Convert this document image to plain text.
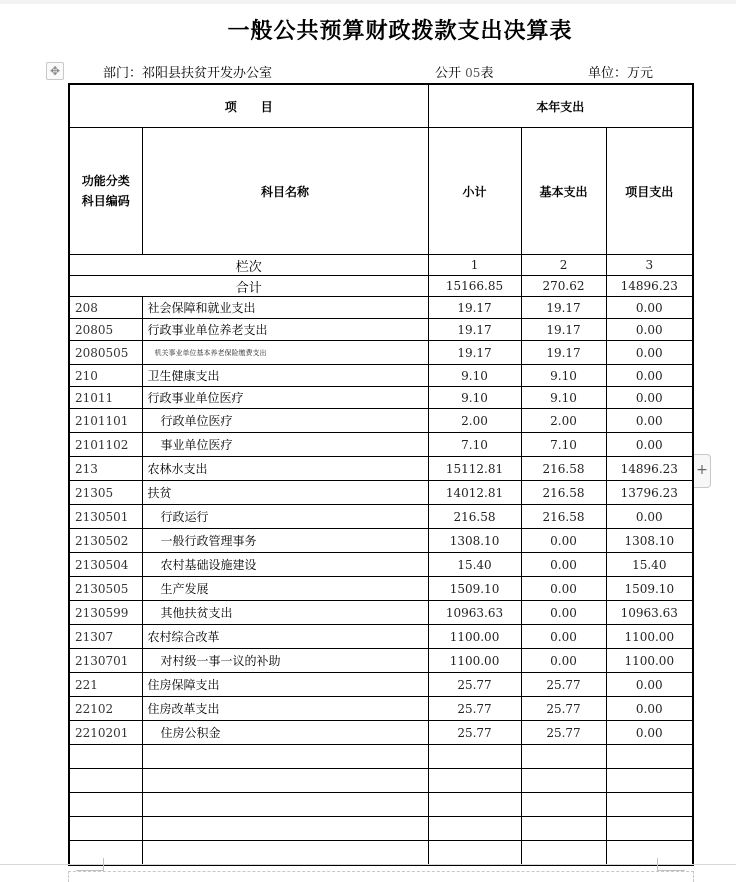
一般公共预算财政拨款支出决算表
✥	部门：祁阳县扶贫开发办公室	公开 05表	单位：万元
项　　目		本年支出		

功能分类
科目编码	科目名称	小计	基本支出	项目支出
栏次		1	2	3
合计		15166.85	270.62	14896.23
208	社会保障和就业支出	19.17	19.17	0.00
20805	行政事业单位养老支出	19.17	19.17	0.00
2080505	机关事业单位基本养老保险缴费支出	19.17	19.17	0.00
210	卫生健康支出	9.10	9.10	0.00
21011	行政事业单位医疗	9.10	9.10	0.00
2101101	行政单位医疗	2.00	2.00	0.00
2101102	事业单位医疗	7.10	7.10	0.00
213	农林水支出	15112.81	216.58	14896.23
21305	扶贫	14012.81	216.58	13796.23
2130501	行政运行	216.58	216.58	0.00
2130502	一般行政管理事务	1308.10	0.00	1308.10
2130504	农村基础设施建设	15.40	0.00	15.40
2130505	生产发展	1509.10	0.00	1509.10
2130599	其他扶贫支出	10963.63	0.00	10963.63
21307	农村综合改革	1100.00	0.00	1100.00
2130701	对村级一事一议的补助	1100.00	0.00	1100.00
221	住房保障支出	25.77	25.77	0.00
22102	住房改革支出	25.77	25.77	0.00
2210201	住房公积金	25.77	25.77	0.00

+
